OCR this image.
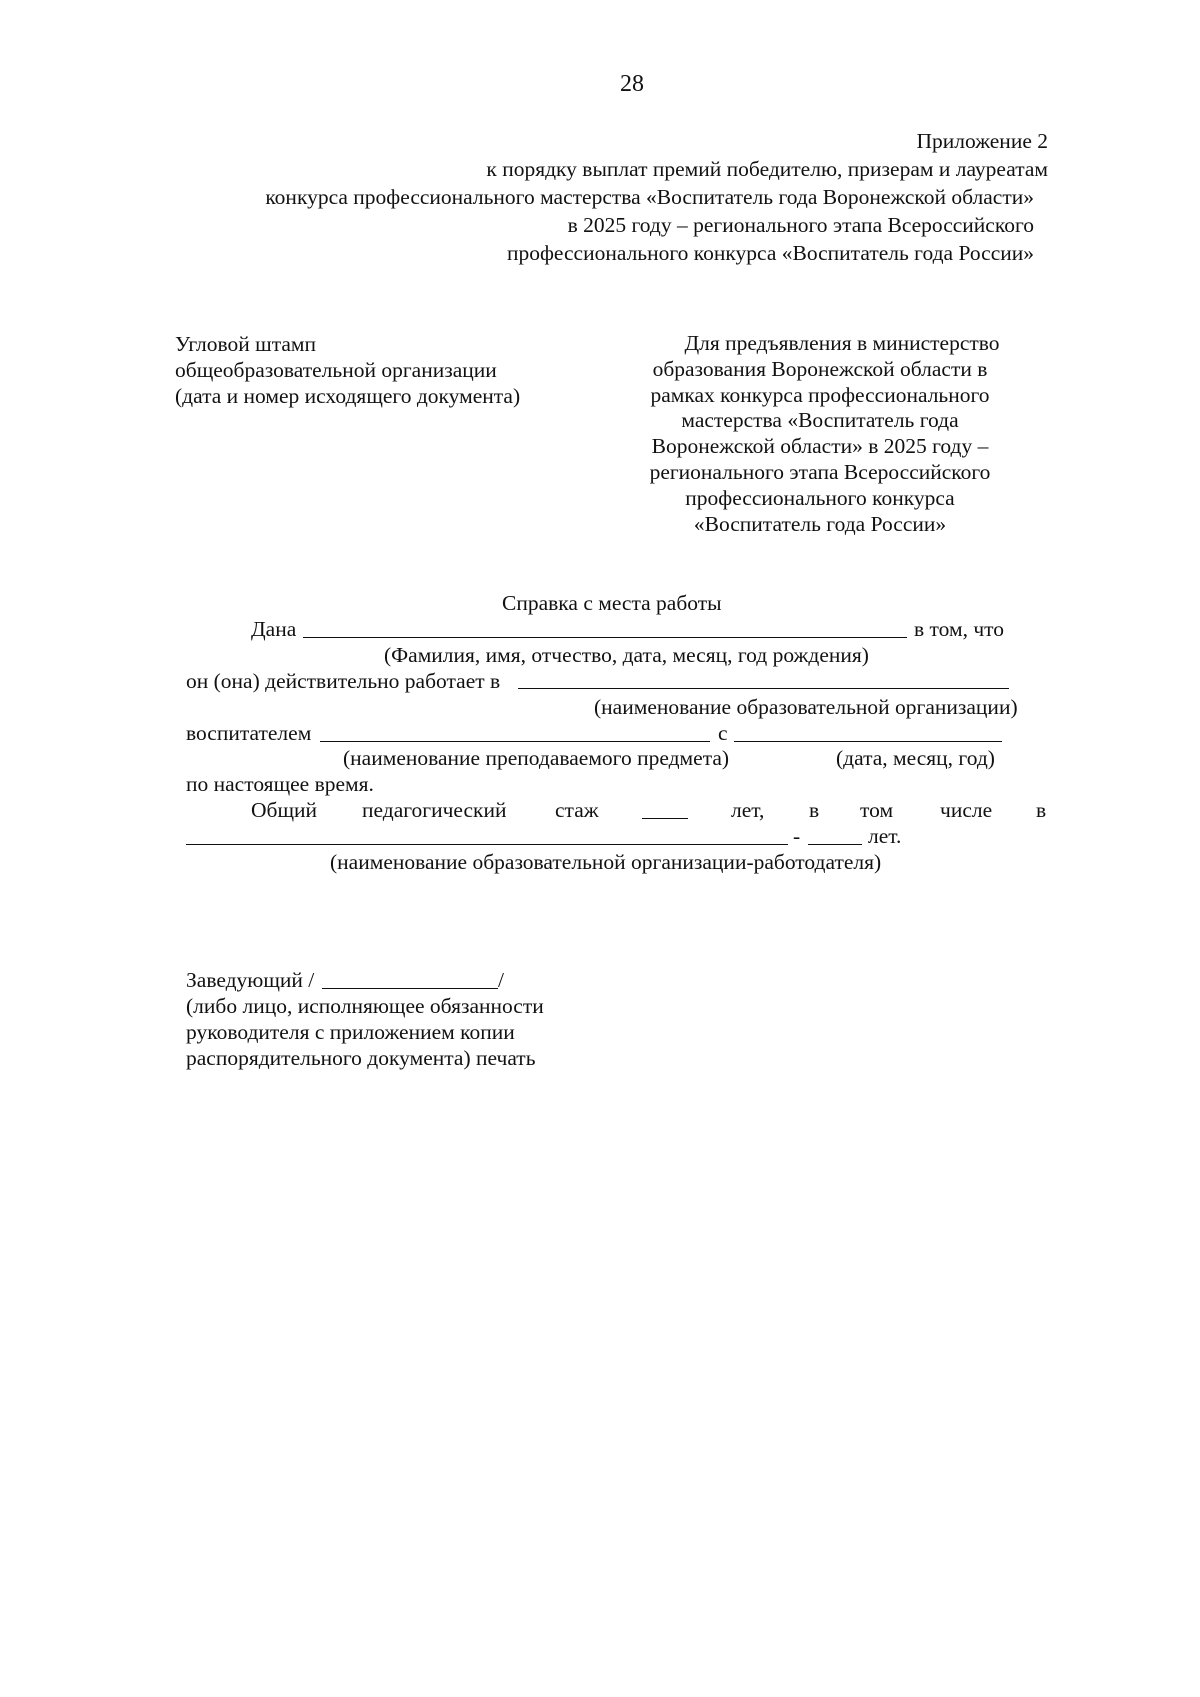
28
Приложение 2
к порядку выплат премий победителю, призерам и лауреатам
конкурса профессионального мастерства «Воспитатель года Воронежской области»
в 2025 году – регионального этапа Всероссийского
профессионального конкурса «Воспитатель года России»
Угловой штамп
общеобразовательной организации
(дата и номер исходящего документа)
Для предъявления в министерство
образования Воронежской области в
рамках конкурса профессионального
мастерства «Воспитатель года
Воронежской области» в 2025 году –
регионального этапа Всероссийского
профессионального конкурса
«Воспитатель года России»
Справка с места работы
Дана	в том, что
(Фамилия, имя, отчество, дата, месяц, год рождения)
он (она) действительно работает в
(наименование образовательной организации)
воспитателем	с
(наименование преподаваемого предмета)	(дата, месяц, год)
по настоящее время.
Общий педагогический стаж	лет, в том числе в
-	лет.
(наименование образовательной организации-работодателя)
Заведующий /	/
(либо лицо, исполняющее обязанности
руководителя с приложением копии
распорядительного документа) печать
